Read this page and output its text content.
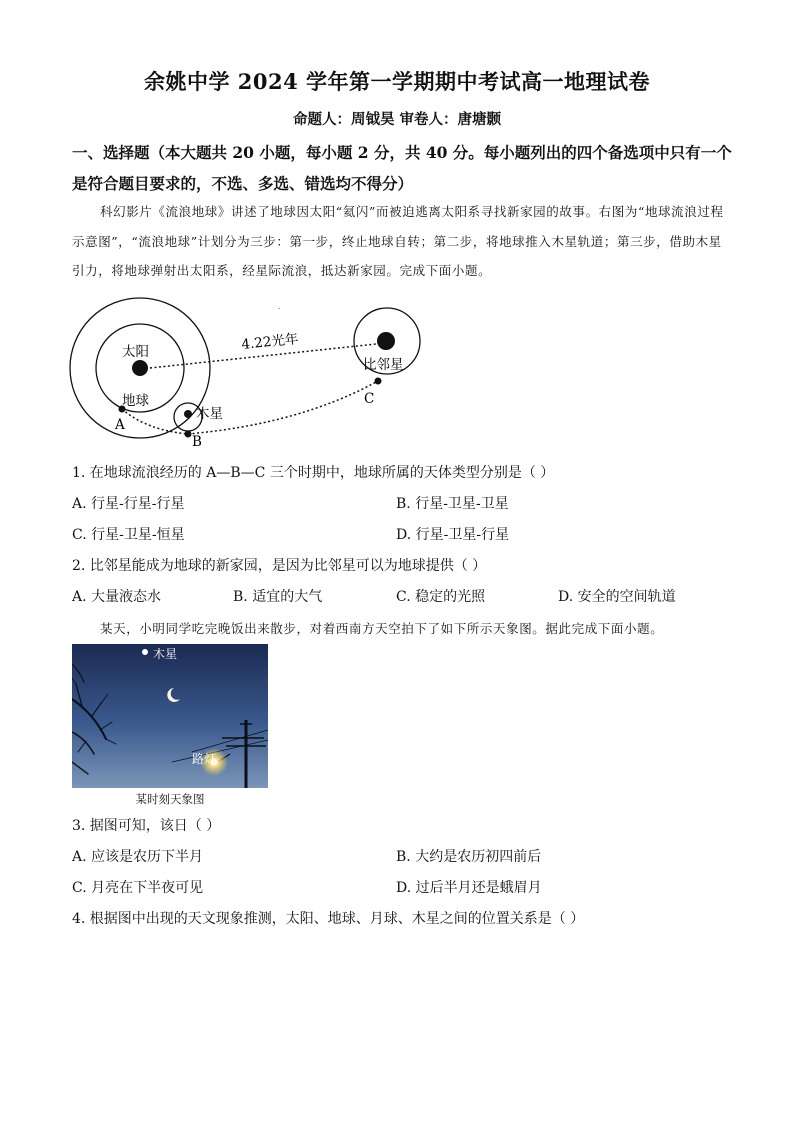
余姚中学 2024 学年第一学期期中考试高一地理试卷
命题人：周钺昊 审卷人：唐塘颢
一、选择题（本大题共 20 小题，每小题 2 分，共 40 分。每小题列出的四个备选项中只有一个是符合题目要求的，不选、多选、错选均不得分）
科幻影片《流浪地球》讲述了地球因太阳“氦闪”而被迫逃离太阳系寻找新家园的故事。右图为“地球流浪过程示意图”，“流浪地球”计划分为三步：第一步，终止地球自转；第二步，将地球推入木星轨道；第三步，借助木星引力，将地球弹射出太阳系，经星际流浪，抵达新家园。完成下面小题。
太阳
地球
木星
比邻星
4.22光年
A
B
C
1. 在地球流浪经历的 A—B—C 三个时期中，地球所属的天体类型分别是（ ）
A. 行星-行星-行星	B. 行星-卫星-卫星
C. 行星-卫星-恒星	D. 行星-卫星-行星
2. 比邻星能成为地球的新家园，是因为比邻星可以为地球提供（ ）
A. 大量液态水	B. 适宜的大气	C. 稳定的光照	D. 安全的空间轨道
某天，小明同学吃完晚饭出来散步，对着西南方天空拍下了如下所示天象图。据此完成下面小题。
木星
路灯
某时刻天象图
3. 据图可知，该日（ ）
A. 应该是农历下半月	B. 大约是农历初四前后
C. 月亮在下半夜可见	D. 过后半月还是蛾眉月
4. 根据图中出现的天文现象推测，太阳、地球、月球、木星之间的位置关系是（ ）
